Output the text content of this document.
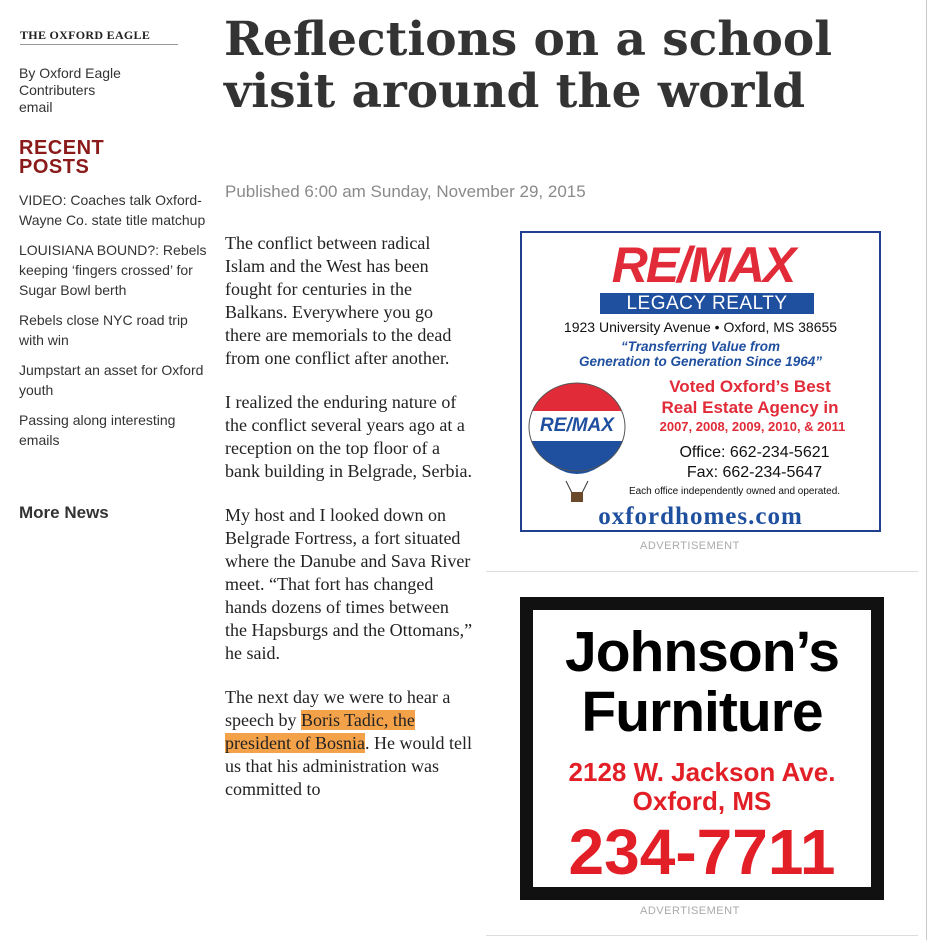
THE OXFORD EAGLE
By Oxford Eagle
Contributers
email
RECENT
POSTS
VIDEO: Coaches talk Oxford-Wayne Co. state title matchup
LOUISIANA BOUND?: Rebels keeping ‘fingers crossed’ for Sugar Bowl berth
Rebels close NYC road trip with win
Jumpstart an asset for Oxford youth
Passing along interesting emails
More News
Reflections on a school visit around the world
Published 6:00 am Sunday, November 29, 2015

The conflict between radical Islam and the West has been fought for centuries in the Balkans. Everywhere you go there are memorials to the dead from one conflict after another.

I realized the enduring nature of the conflict several years ago at a reception on the top floor of a bank building in Belgrade, Serbia.

My host and I looked down on Belgrade Fortress, a fort situated where the Danube and Sava River meet. “That fort has changed hands dozens of times between the Hapsburgs and the Ottomans,” he said.

The next day we were to hear a speech by Boris Tadic, the president of Bosnia. He would tell us that his administration was committed to

RE/MAX
LEGACY REALTY
1923 University Avenue • Oxford, MS 38655
“Transferring Value from
Generation to Generation Since 1964”
RE/MAX
Voted Oxford’s Best
Real Estate Agency in
2007, 2008, 2009, 2010, & 2011
Office: 662-234-5621
Fax: 662-234-5647
Each office independently owned and operated.
oxfordhomes.com
ADVERTISEMENT
Johnson’s
Furniture
2128 W. Jackson Ave.
Oxford, MS
234-7711
ADVERTISEMENT
